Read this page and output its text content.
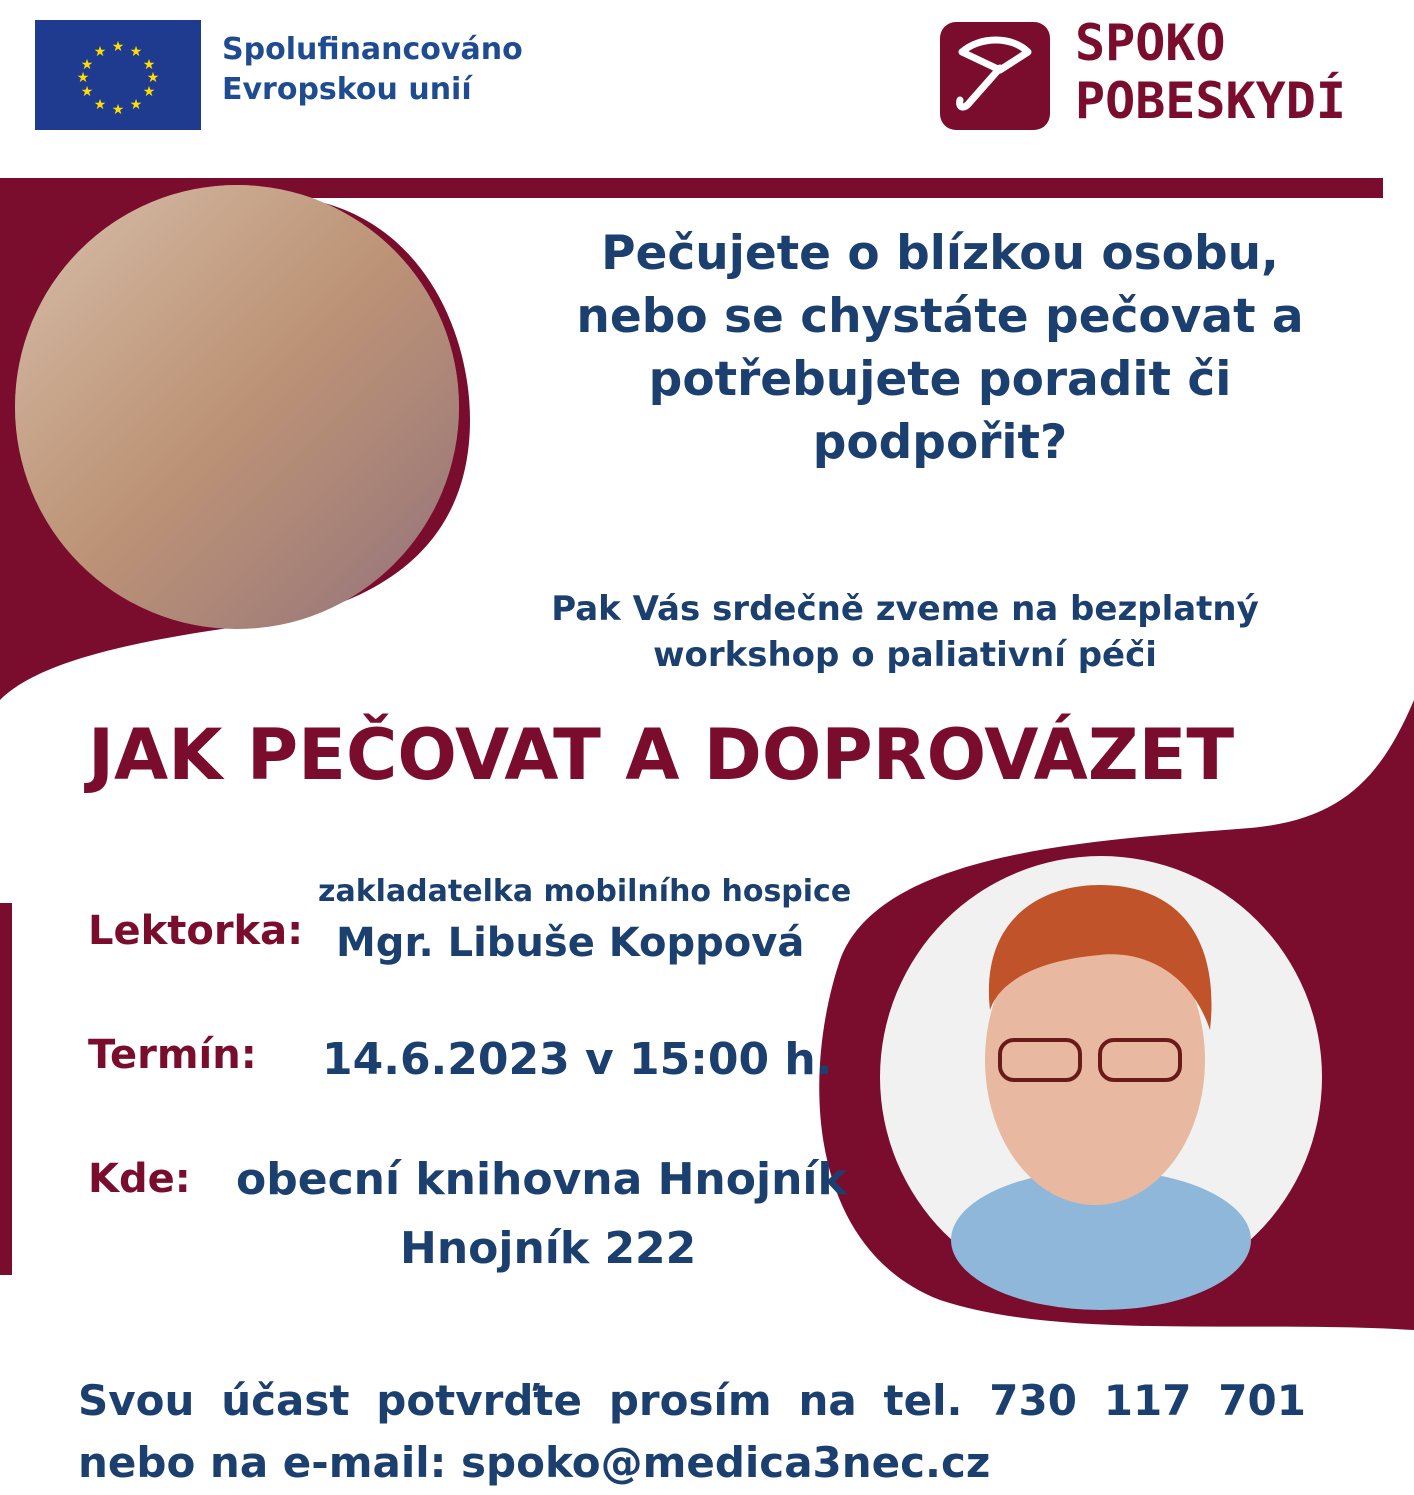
★ ★
★
★
★
★
★
★
★
★
★
★	Spolufinancováno
Evropskou unií
SPOKO
POBESKYDÍ
Pečujete o blízkou osobu, nebo se chystáte pečovat a potřebujete poradit či podpořit?
Pak Vás srdečně zveme na bezplatný
workshop o paliativní péči
JAK PEČOVAT A DOPROVÁZET
Lektorka:
zakladatelka mobilního hospice
Mgr. Libuše Koppová
Termín: 14.6.2023 v 15:00 h.
Kde: obecní knihovna Hnojník
Hnojník 222
Svou účast potvrďte prosím na tel. 730 117 701
nebo na e-mail: spoko@medica3nec.cz
